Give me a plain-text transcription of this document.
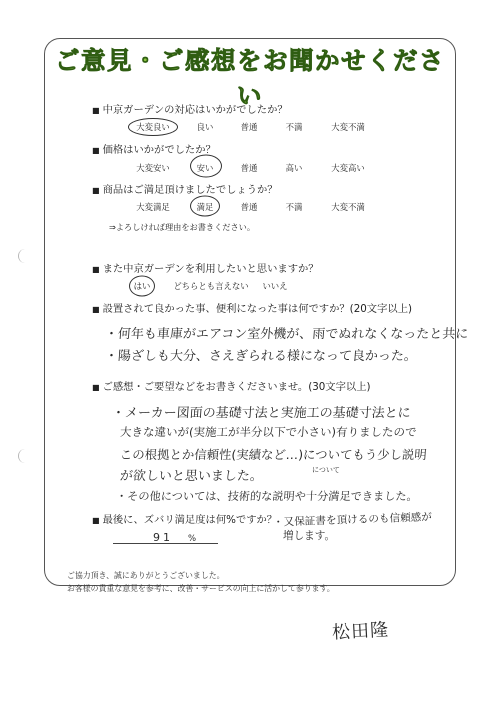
ご意見・ご感想をお聞かせください
■ 中京ガーデンの対応はいかがでしたか？
大変良い	良い	普通	不満	大変不満
■ 価格はいかがでしたか？
大変安い	安い	普通	高い	大変高い
■ 商品はご満足頂けましたでしょうか？
大変満足	満足	普通	不満	大変不満
⇒よろしければ理由をお書きください。
■ また中京ガーデンを利用したいと思いますか？
はい	どちらとも言えない いいえ
■ 設置されて良かった事、便利になった事は何ですか？(20文字以上)
・何年も車庫がエアコン室外機が、雨でぬれなくなったと共に
・陽ざしも大分、さえぎられる様になって良かった。
■ ご感想・ご要望などをお書きくださいませ。(30文字以上)
・メーカー図面の基礎寸法と実施工の基礎寸法とに
大きな違いが(実施工が半分以下で小さい)有りましたので
この根拠とか信頼性(実績など…)についてもう少し説明
が欲しいと思いました。	について
・その他については、技術的な説明や十分満足できました。
■ 最後に、ズバリ満足度は何%ですか？
91 %
・又保証書を頂けるのも信頼感が
増します。
ご協力頂き、誠にありがとうございました。
お客様の貴重な意見を参考に、改善・サービスの向上に活かして参ります。
松田隆
